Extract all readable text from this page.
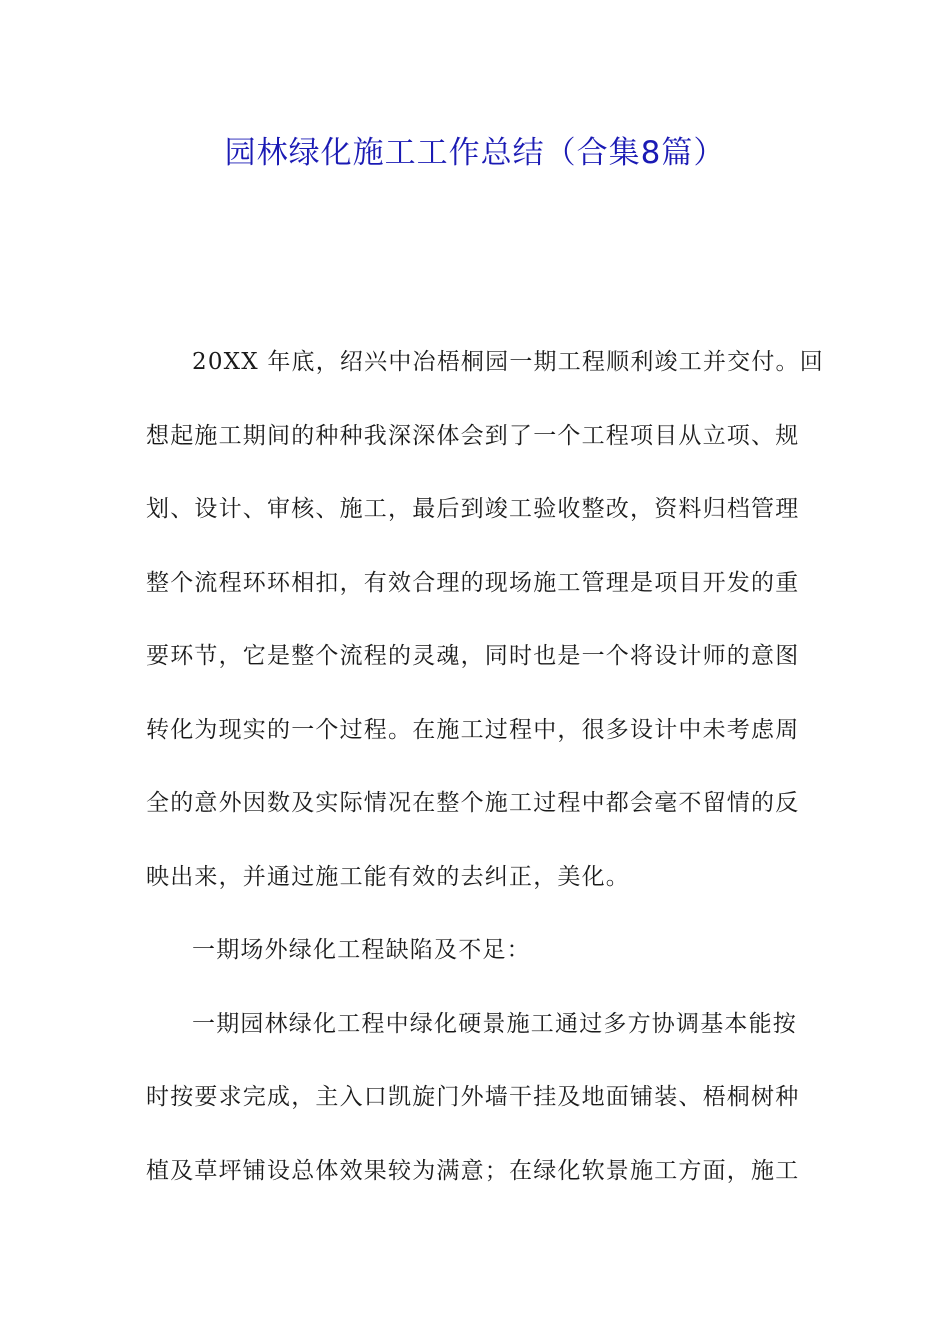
园林绿化施工工作总结（合集8篇）
20XX 年底，绍兴中冶梧桐园一期工程顺利竣工并交付。回
想起施工期间的种种我深深体会到了一个工程项目从立项、规
划、设计、审核、施工，最后到竣工验收整改，资料归档管理
整个流程环环相扣，有效合理的现场施工管理是项目开发的重
要环节，它是整个流程的灵魂，同时也是一个将设计师的意图
转化为现实的一个过程。在施工过程中，很多设计中未考虑周
全的意外因数及实际情况在整个施工过程中都会毫不留情的反
映出来，并通过施工能有效的去纠正，美化。
一期场外绿化工程缺陷及不足：
一期园林绿化工程中绿化硬景施工通过多方协调基本能按
时按要求完成，主入口凯旋门外墙干挂及地面铺装、梧桐树种
植及草坪铺设总体效果较为满意；在绿化软景施工方面，施工
